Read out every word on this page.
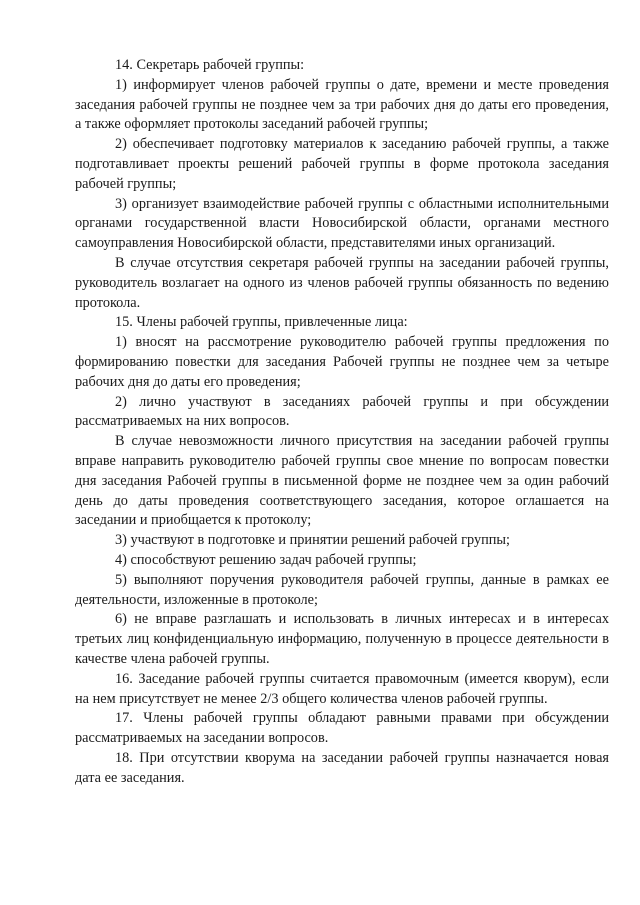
14. Секретарь рабочей группы:

1) информирует членов рабочей группы о дате, времени и месте проведения заседания рабочей группы не позднее чем за три рабочих дня до даты его проведения, а также оформляет протоколы заседаний рабочей группы;

2) обеспечивает подготовку материалов к заседанию рабочей группы, а также подготавливает проекты решений рабочей группы в форме протокола заседания рабочей группы;

3) организует взаимодействие рабочей группы с областными исполнительными органами государственной власти Новосибирской области, органами местного самоуправления Новосибирской области, представителями иных организаций.

В случае отсутствия секретаря рабочей группы на заседании рабочей группы, руководитель возлагает на одного из членов рабочей группы обязанность по ведению протокола.

15. Члены рабочей группы, привлеченные лица:

1) вносят на рассмотрение руководителю рабочей группы предложения по формированию повестки для заседания Рабочей группы не позднее чем за четыре рабочих дня до даты его проведения;

2) лично участвуют в заседаниях рабочей группы и при обсуждении рассматриваемых на них вопросов.

В случае невозможности личного присутствия на заседании рабочей группы вправе направить руководителю рабочей группы свое мнение по вопросам повестки дня заседания Рабочей группы в письменной форме не позднее чем за один рабочий день до даты проведения соответствующего заседания, которое оглашается на заседании и приобщается к протоколу;

3) участвуют в подготовке и принятии решений рабочей группы;

4) способствуют решению задач рабочей группы;

5) выполняют поручения руководителя рабочей группы, данные в рамках ее деятельности, изложенные в протоколе;

6) не вправе разглашать и использовать в личных интересах и в интересах третьих лиц конфиденциальную информацию, полученную в процессе деятельности в качестве члена рабочей группы.

16. Заседание рабочей группы считается правомочным (имеется кворум), если на нем присутствует не менее 2/3 общего количества членов рабочей группы.

17. Члены рабочей группы обладают равными правами при обсуждении рассматриваемых на заседании вопросов.

18. При отсутствии кворума на заседании рабочей группы назначается новая дата ее заседания.
